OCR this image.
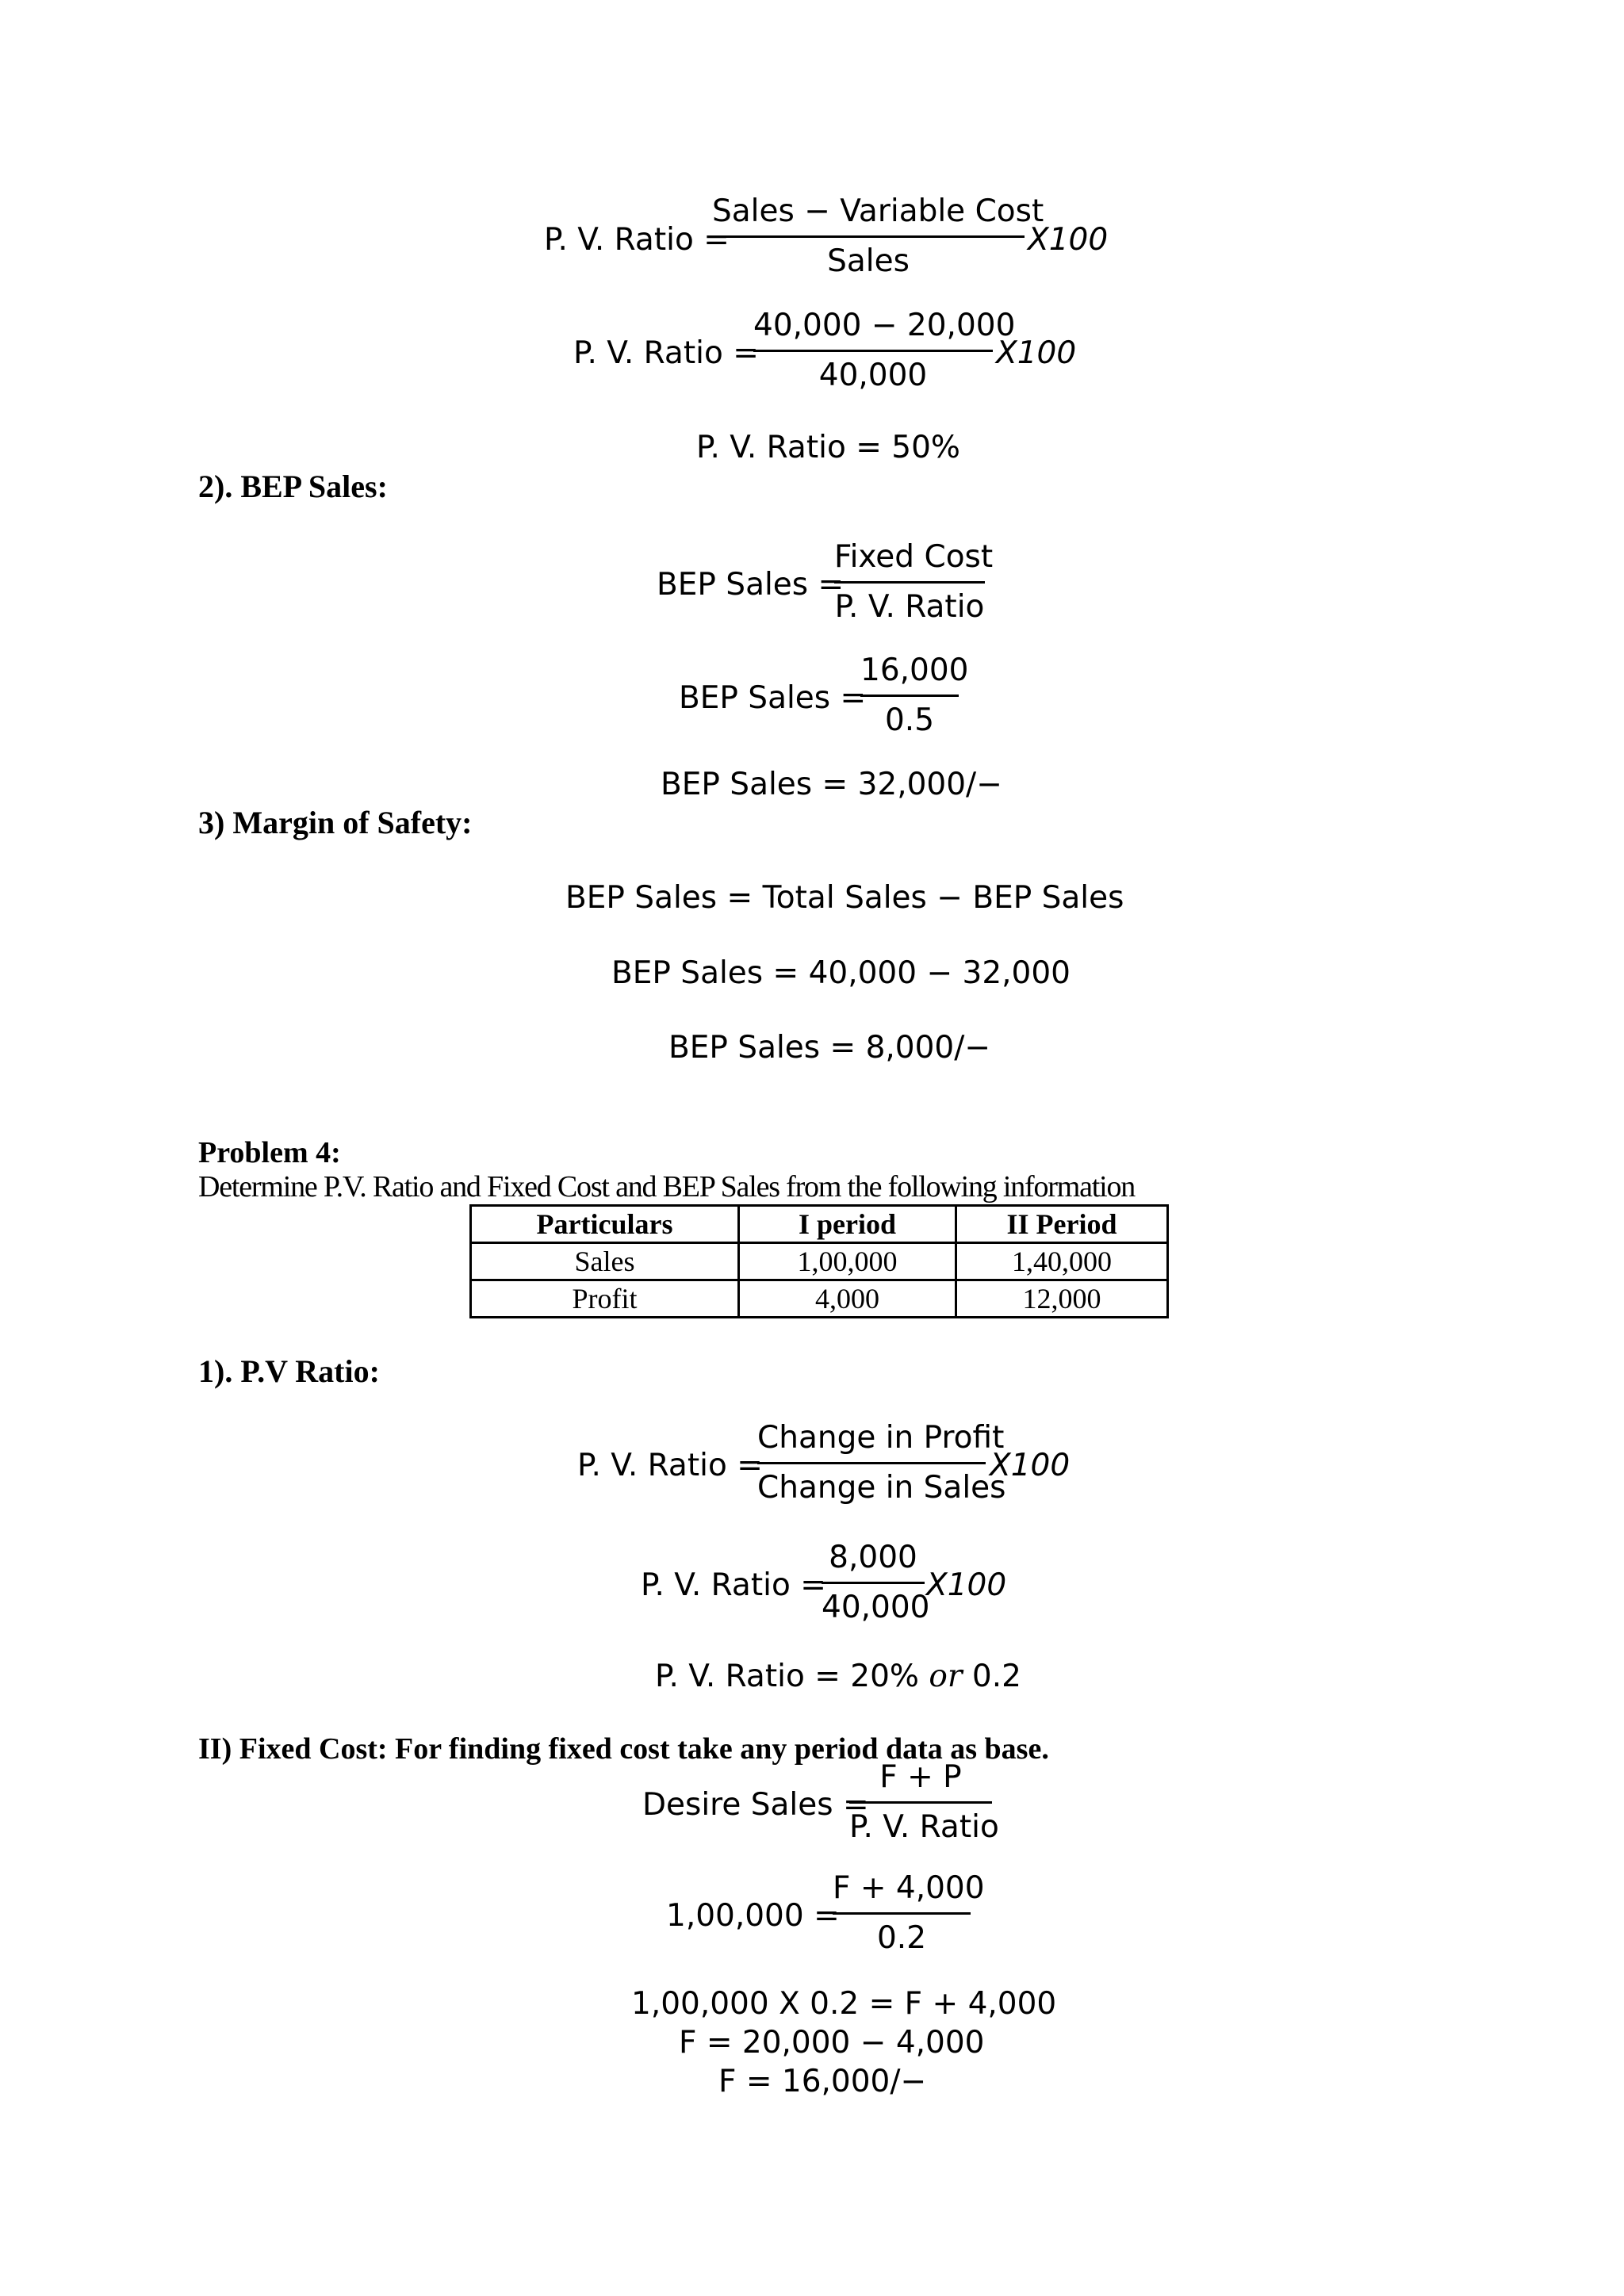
P. V. Ratio =
Sales − Variable Cost
Sales
X100
P. V. Ratio =
40,000 − 20,000
40,000
X100
P. V. Ratio = 50%
2). BEP Sales:
BEP Sales =
Fixed Cost
P. V. Ratio
BEP Sales =
16,000
0.5
BEP Sales = 32,000/−
3) Margin of Safety:
BEP Sales = Total Sales − BEP Sales
BEP Sales = 40,000 − 32,000
BEP Sales = 8,000/−
Problem 4:
Determine P.V. Ratio and Fixed Cost and BEP Sales from the following information
Particulars	I period	II Period
Sales	1,00,000	1,40,000
Profit	4,000	12,000
1). P.V Ratio:
P. V. Ratio =
Change in Profit
Change in Sales
X100
P. V. Ratio =
8,000
40,000
X100
P. V. Ratio = 20% or 0.2
II) Fixed Cost: For finding fixed cost take any period data as base.
Desire Sales =
F + P
P. V. Ratio
1,00,000 =
F + 4,000
0.2
1,00,000 X 0.2 = F + 4,000
F = 20,000 − 4,000
F = 16,000/−
